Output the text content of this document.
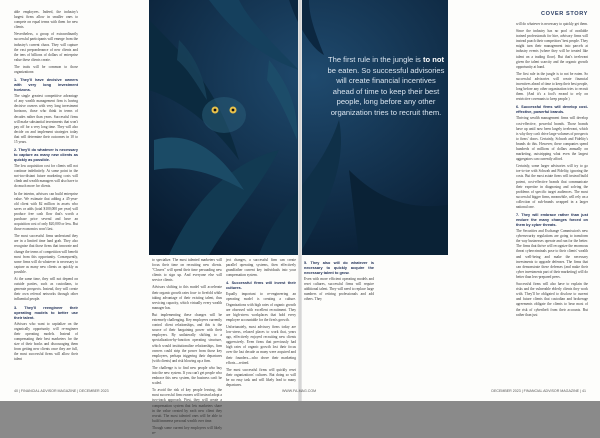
able employees. Indeed, the industry's largest firms allow in smaller ones to compete on equal terms with them for new clients.

Nevertheless, a group of extraordinarily successful participants will emerge from the industry's current chaos. They will capture the vast preponderance of new clients and the tens of billions of dollars of enterprise value these clients create.

The traits will be common to those organizations:

1. They'll have decisive owners with very long investment horizons.

The single greatest competitive advantage of any wealth management firm is having decisive owners with very long investment horizons, those who think in terms of decades rather than years. Successful firms will make substantial investments that won't pay off for a very long time. They will also decide on and implement strategies today that will determine their outcomes in 10 to 15 years.

2. They'll do whatever is necessary to capture as many new clients as quickly as possible.

The low acquisition cost for clients will not continue indefinitely. At some point in the not-too-distant future marketing costs will climb and wealth managers will also have to do much more for clients.

In the interim, advisors can build enterprise value. We estimate that adding a 45-year-old client with $2 million in assets who saves or adds (total $100,000 per year) will produce free cash flow that's worth a purchase price several and have an acquisition cost of only $20,000 or less. But those economics won't last.

The most successful firms understand they are in a limited time land grab. They also recognize that those firms that innovate and change the terms of competition will benefit most from this opportunity. Consequently, some firms will do whatever is necessary to capture as many new clients as quickly as possible.

At the same time, they will not depend on outside parties, such as custodians, to generate prospects. Instead, they will create their own referral networks through other influential people.

3. They'll reengineer their operating models to better use their talent.

Advisors who want to capitalize on the organically opportunity will re-engineer their operating models. Instead of compensating their best marketers for the size of their books and discouraging them from getting new clients once they are full, the most successful firms will allow their talent

to specialize. The most talented marketers will focus their time on recruiting new clients. "Closers" will spend their time persuading new clients to sign up. And everyone else will service clients.

Advisors shifting to this model will accelerate their organic growth rates four- to fivefold while taking advantage of their existing talent, thus servicing capacity, which virtually every wealth manager has.

But implementing these changes will be extremely challenging. Key employees currently control client relationships, and this is the source of their bargaining power with their employers. By unilaterally shifting to a specialization-by-function operating structure, which would institutionalize relationships, firm owners could strip the power from those key employees, perhaps triggering their departures (with clients) and risk blowing up a firm.

The challenge is to find new people who buy into the new system. If you can't get people who embrace this new system, the business can't be scaled.

To avoid the risk of key people leaving, the most successful firm owners will instead adopt a two-track approach. First, they will create a compensation system that lets marketers share in the value created by each new client they recruit. The most talented ones will be able to build immense personal wealth over time.

Though some current key employees will likely re-

ject changes, a successful firm can create parallel operating systems, then effectively grandfather current key individuals into your compensation system.

4. Successful firms will invest their cultures.

Equally important to re-engineering an operating model is creating a culture. Organizations with high rates of organic growth are obsessed with excellent recruitment. They are high-stress workplaces that hold every employee accountable for the firm's growth.

Unfortunately, most advisory firms today are low-stress, relaxed places to work that, years ago, effectively enjoyed recruiting new clients aggressively. Even firms that previously had high rates of organic growth lost their focus over the last decade as many were acquired and their founders—who drove their marketing efforts—retired.

The most successful firms will quickly reset their organizations' cultures. But doing so will be no easy task and will likely lead to many departures.

40 | FINANCIAL ADVISOR MAGAZINE | DECEMBER 2023
COVER STORY
5. They also will do whatever is necessary to quickly acquire the necessary talent to grow.

Even with more efficient operating models and reset cultures, successful firms will require additional talent. They will need to replace large numbers of retiring professionals and add others. They

will do whatever is necessary to quickly get them.

Since the industry has no pool of available trained professionals for hire, advisory firms will instead poach their competitors' best people. They might turn their management into parcels at industry events (where they will be treated like talent on a trading floor). But that's irrelevant given the talent scarcity and the organic growth opportunity at hand.

The first rule in the jungle is to not be eaten. So successful advisories will create financial incentives ahead of time to keep their best people, long before any other organization tries to recruit them. (And it's a fool's errand to rely on restrictive covenants to keep people.)

6. Successful firms will develop cost-effective, powerful brands.

Thriving wealth management firms will develop cost-effective, powerful brands. Those brands have up until now been largely irrelevant, which is why they can't drive large volumes of prospects to firms' doors. Certainly, Schwab and Fidelity's brands do this. However, these companies spend hundreds of millions of dollars annually on marketing, outstripping what even the largest aggregators can currently afford.

Certainly, some larger advisories will try to go toe-to-toe with Schwab and Fidelity, ignoring the costs. But the most astute firms will instead build potent, cost-effective brands that communicate their expertise in diagnosing and solving the problems of specific target audiences. The most successful bigger firms, meanwhile, will rely on a collection of sub-brands wrapped in a larger national one.

7. They will embrace rather than just endure the many changes forced on them by cyber threats.

The Securities and Exchange Commission's new cybersecurity regulations are going to transform the way businesses operate and run for the better. The firms that thrive will recognize the enormous threat cybercriminals pose to their clients' wealth and well-being and make the necessary investments to upgrade defenses. The firms that can demonstrate these defenses (and make their cyber investments part of their marketing) will do better than less-prepared peers.

Successful firms will also have to explain the risks and the vulnerable elderly clients they work with. They'll be obligated to disclose to current and future clients that custodian and brokerage agreements obligate the clients to bear most of the risk of cybertheft from their accounts. But rather than just

DECEMBER 2023 | FINANCIAL ADVISOR MAGAZINE | 41
The first rule in the jungle is to not be eaten. So successful advisories will create financial incentives ahead of time to keep their best people, long before any other organization tries to recruit them.
WWW.FA-MAG.COM
